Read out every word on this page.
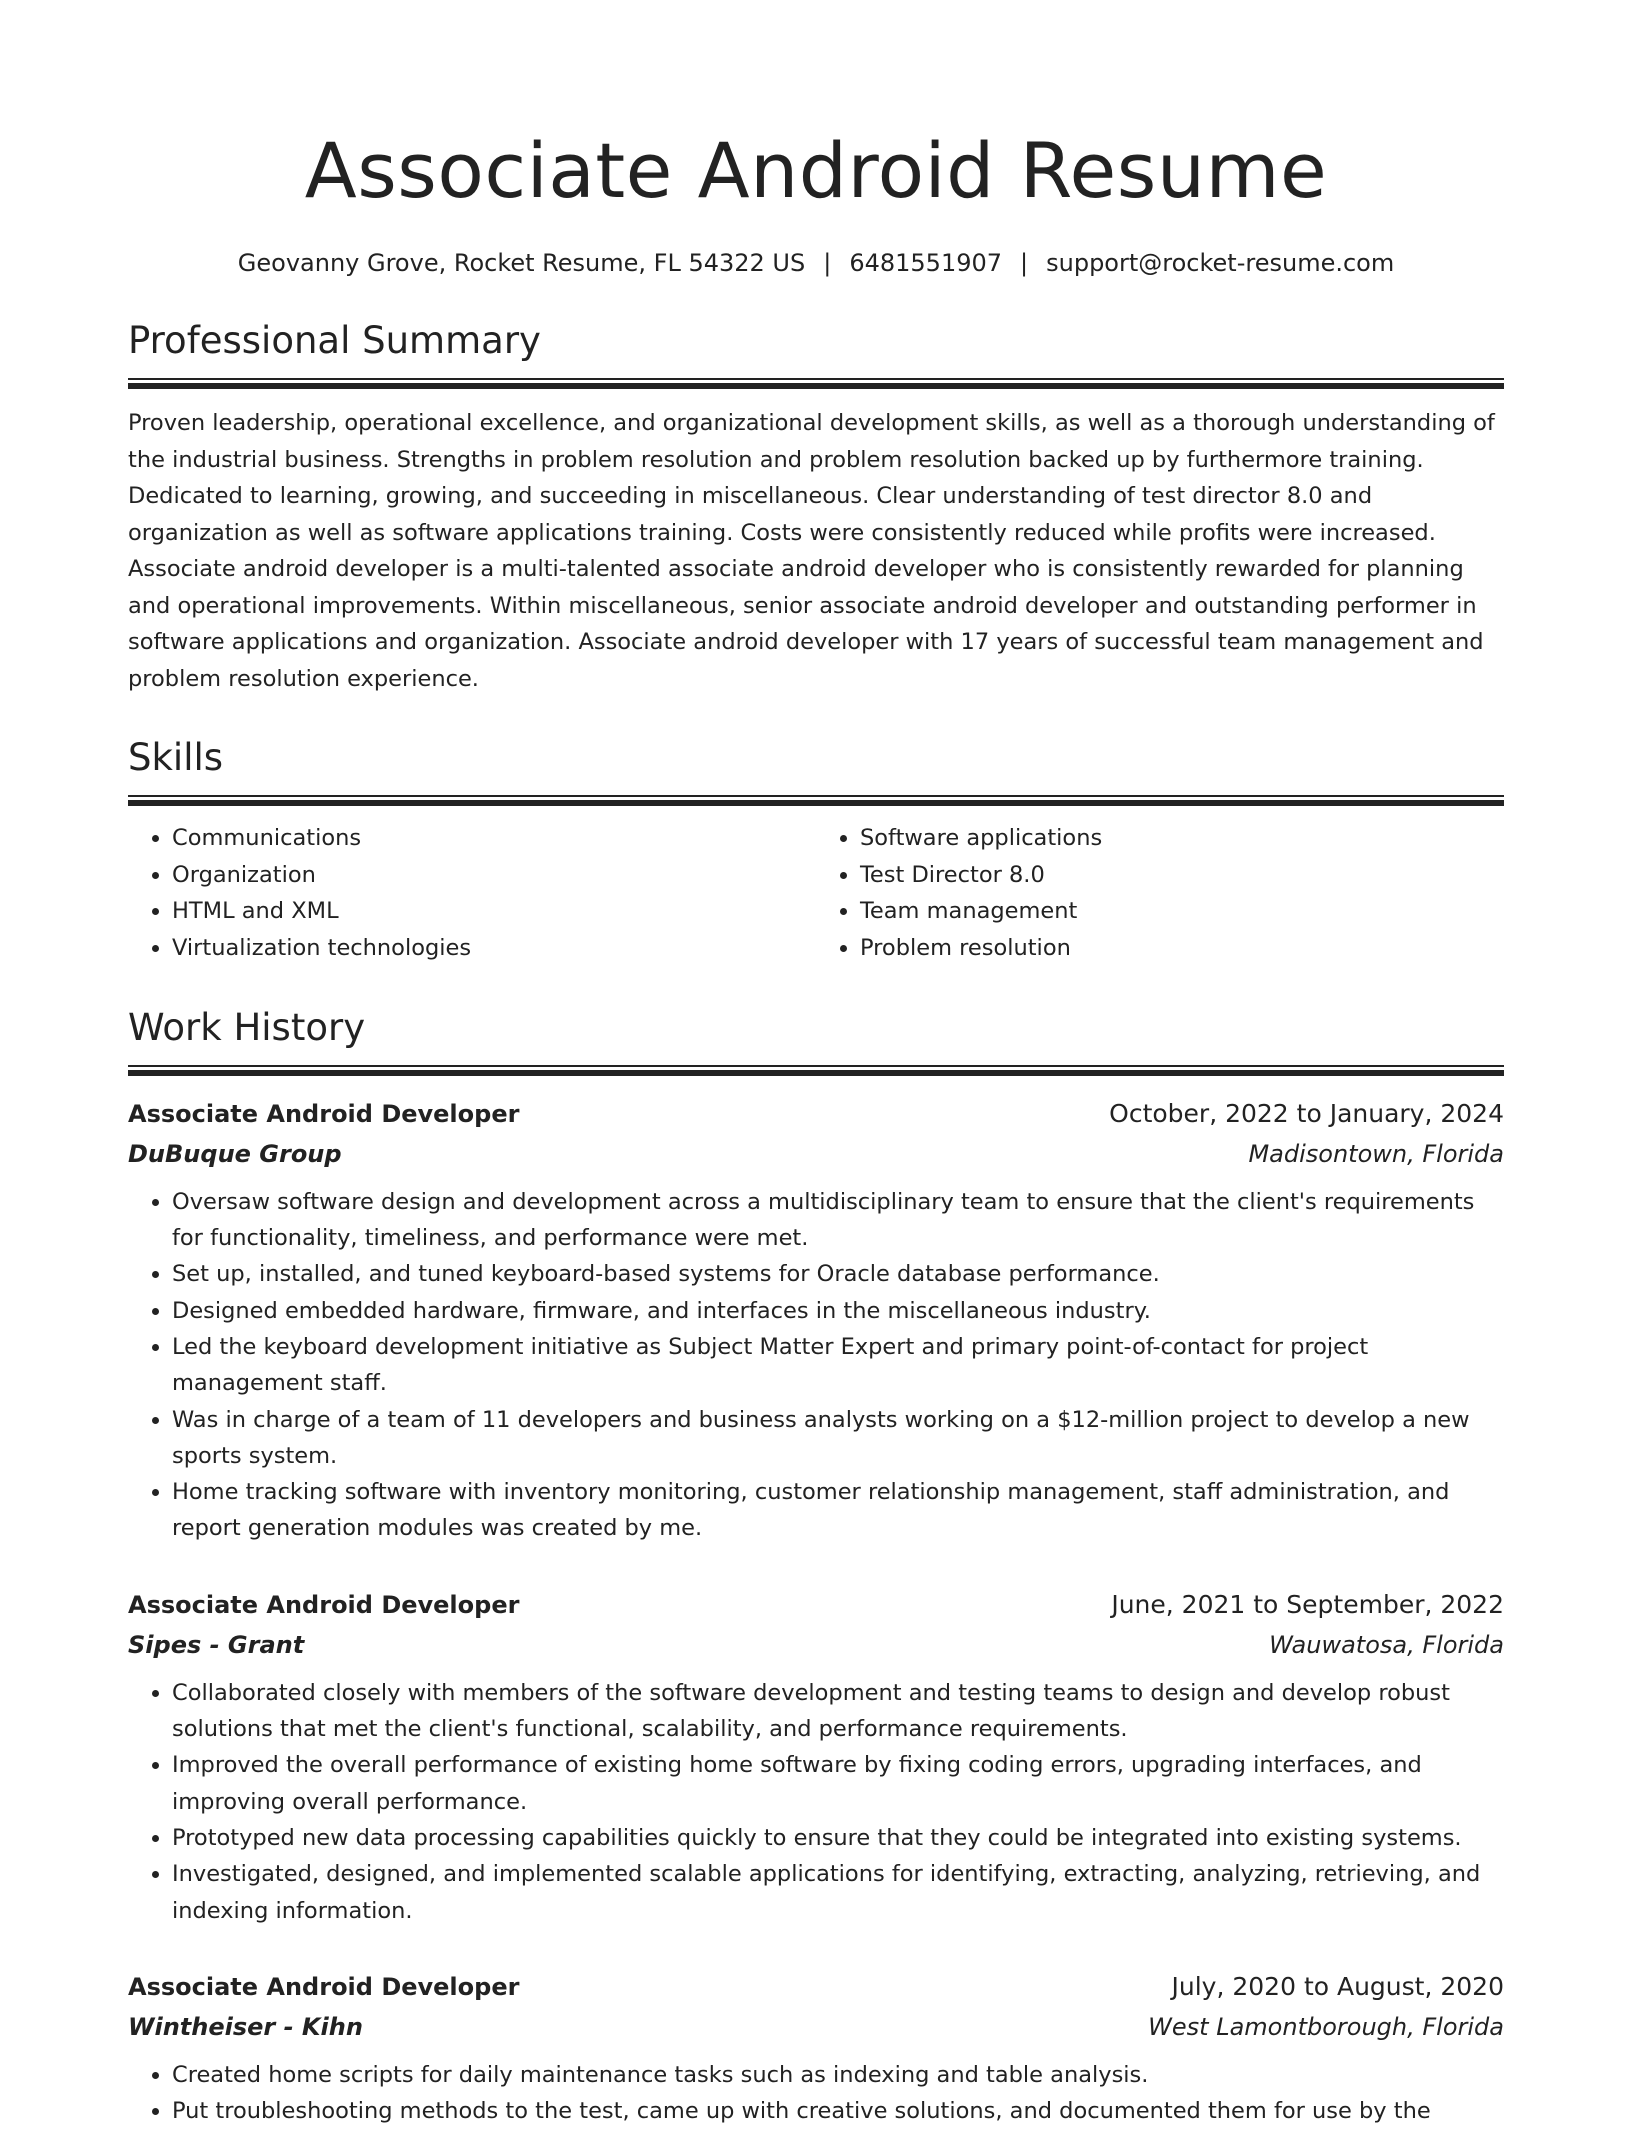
Associate Android Resume
Geovanny Grove, Rocket Resume, FL 54322 US | 6481551907 | support@rocket-resume.com
Professional Summary

Proven leadership, operational excellence, and organizational development skills, as well as a thorough understanding of the industrial business. Strengths in problem resolution and problem resolution backed up by furthermore training. Dedicated to learning, growing, and succeeding in miscellaneous. Clear understanding of test director 8.0 and organization as well as software applications training. Costs were consistently reduced while profits were increased. Associate android developer is a multi-talented associate android developer who is consistently rewarded for planning and operational improvements. Within miscellaneous, senior associate android developer and outstanding performer in software applications and organization. Associate android developer with 17 years of successful team management and problem resolution experience.

Skills
• Communications
• Organization
• HTML and XML
• Virtualization technologies
• Software applications
• Test Director 8.0
• Team management
• Problem resolution
Work History
Associate Android Developer	October, 2022 to January, 2024
DuBuque Group	Madisontown, Florida
• Oversaw software design and development across a multidisciplinary team to ensure that the client's requirements for functionality, timeliness, and performance were met.
• Set up, installed, and tuned keyboard-based systems for Oracle database performance.
• Designed embedded hardware, firmware, and interfaces in the miscellaneous industry.
• Led the keyboard development initiative as Subject Matter Expert and primary point-of-contact for project management staff.
• Was in charge of a team of 11 developers and business analysts working on a $12-million project to develop a new sports system.
• Home tracking software with inventory monitoring, customer relationship management, staff administration, and report generation modules was created by me.
Associate Android Developer	June, 2021 to September, 2022
Sipes - Grant	Wauwatosa, Florida
• Collaborated closely with members of the software development and testing teams to design and develop robust solutions that met the client's functional, scalability, and performance requirements.
• Improved the overall performance of existing home software by fixing coding errors, upgrading interfaces, and improving overall performance.
• Prototyped new data processing capabilities quickly to ensure that they could be integrated into existing systems.
• Investigated, designed, and implemented scalable applications for identifying, extracting, analyzing, retrieving, and indexing information.
Associate Android Developer	July, 2020 to August, 2020
Wintheiser - Kihn	West Lamontborough, Florida
• Created home scripts for daily maintenance tasks such as indexing and table analysis.
• Put troubleshooting methods to the test, came up with creative solutions, and documented them for use by the
